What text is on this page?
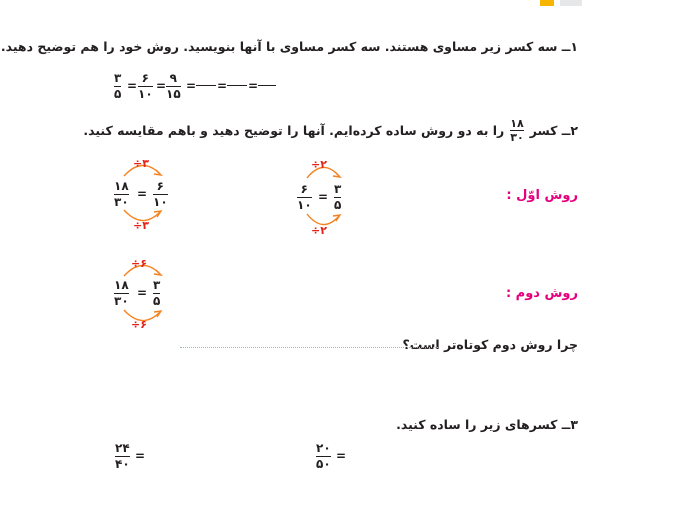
۱ــ سه کسر زیر مساوی هستند. سه کسر مساوی با آنها بنویسید. روش خود را هم توضیح دهید.
۳
۵
=
۶
۱۰
=
۹
۱۵
= = =
۲ــ کسر
۱۸
۳۰
را به دو روش ساده کرده‌ایم. آنها را توضیح دهید و باهم مقایسه کنید.
÷۳
۱۸
۳۰
=
۶
۱۰
÷۳
÷۲
۶
۱۰
=
۳
۵
÷۲
روش اوّل :
÷۶
۱۸
۳۰
=
۳
۵
÷۶
روش دوم :
چرا روش دوم کوتاه‌تر است؟
۳ــ کسرهای زیر را ساده کنید.
۲۰
۵۰
=
۲۴
۴۰
=
